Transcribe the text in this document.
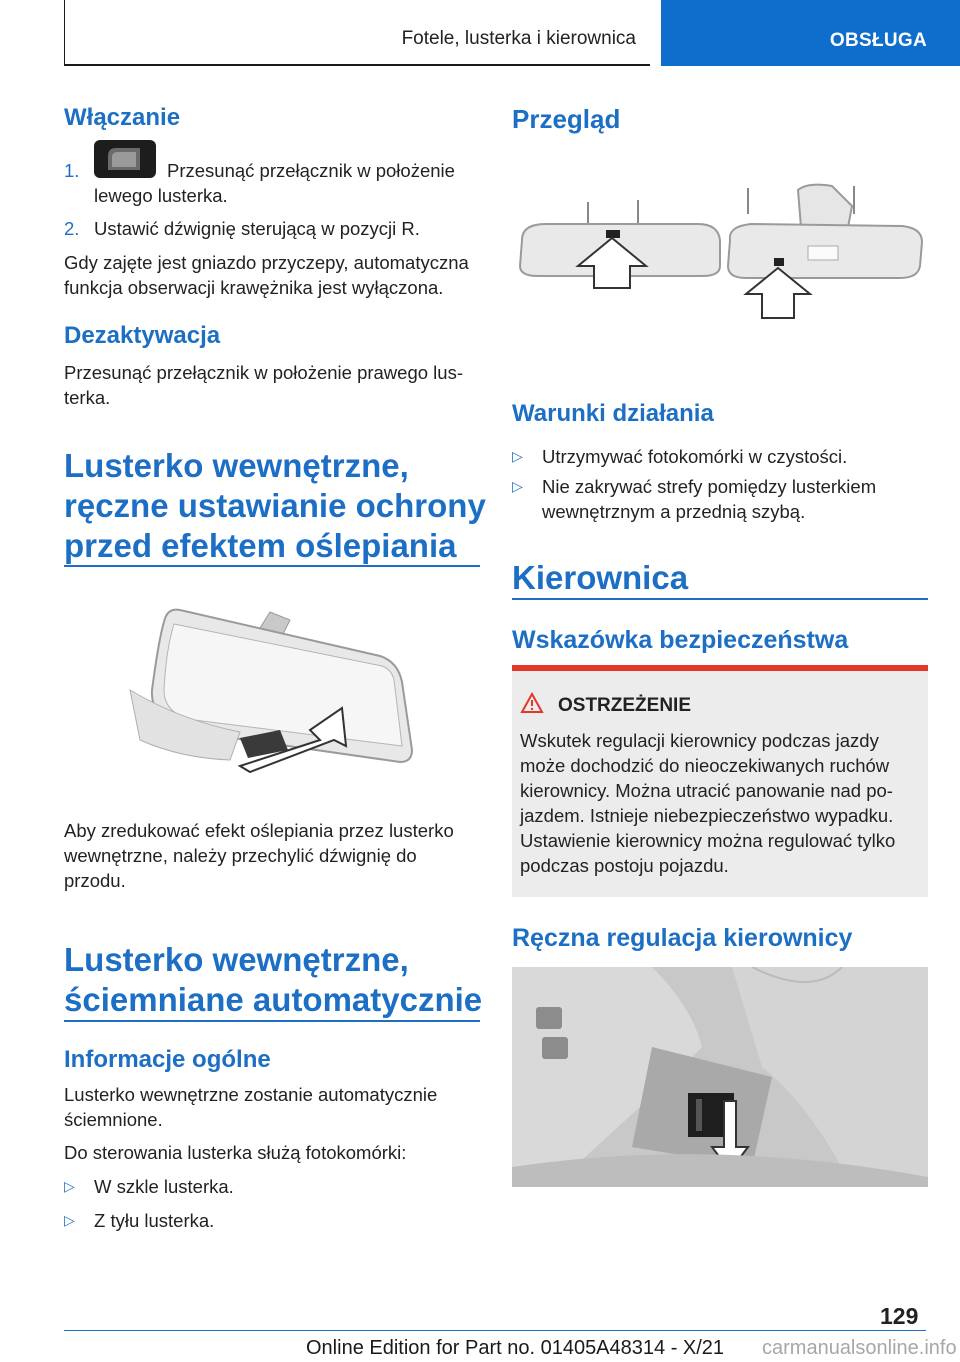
Fotele, lusterka i kierownica	OBSŁUGA
Włączanie
1.	Przesunąć przełącznik w położenie
lewego lusterka.
2. Ustawić dźwignię sterującą w pozycji R.
Gdy zajęte jest gniazdo przyczepy, automatyczna
funkcja obserwacji krawężnika jest wyłączona.
Dezaktywacja
Przesunąć przełącznik w położenie prawego lus-
terka.
Lusterko wewnętrzne,
ręczne ustawianie ochrony
przed efektem oślepiania
Aby zredukować efekt oślepiania przez lusterko
wewnętrzne, należy przechylić dźwignię do
przodu.
Lusterko wewnętrzne,
ściemniane automatycznie
Informacje ogólne
Lusterko wewnętrzne zostanie automatycznie
ściemnione.
Do sterowania lusterka służą fotokomórki:
▷ W szkle lusterka.
▷ Z tyłu lusterka.
Przegląd
Warunki działania
▷ Utrzymywać fotokomórki w czystości.
▷ Nie zakrywać strefy pomiędzy lusterkiem
wewnętrznym a przednią szybą.
Kierownica
Wskazówka bezpieczeństwa
OSTRZEŻENIE
Wskutek regulacji kierownicy podczas jazdy
może dochodzić do nieoczekiwanych ruchów
kierownicy. Można utracić panowanie nad po-
jazdem. Istnieje niebezpieczeństwo wypadku.
Ustawienie kierownicy można regulować tylko
podczas postoju pojazdu.
Ręczna regulacja kierownicy
129
Online Edition for Part no. 01405A48314 - X/21 carmanualsonline.info
